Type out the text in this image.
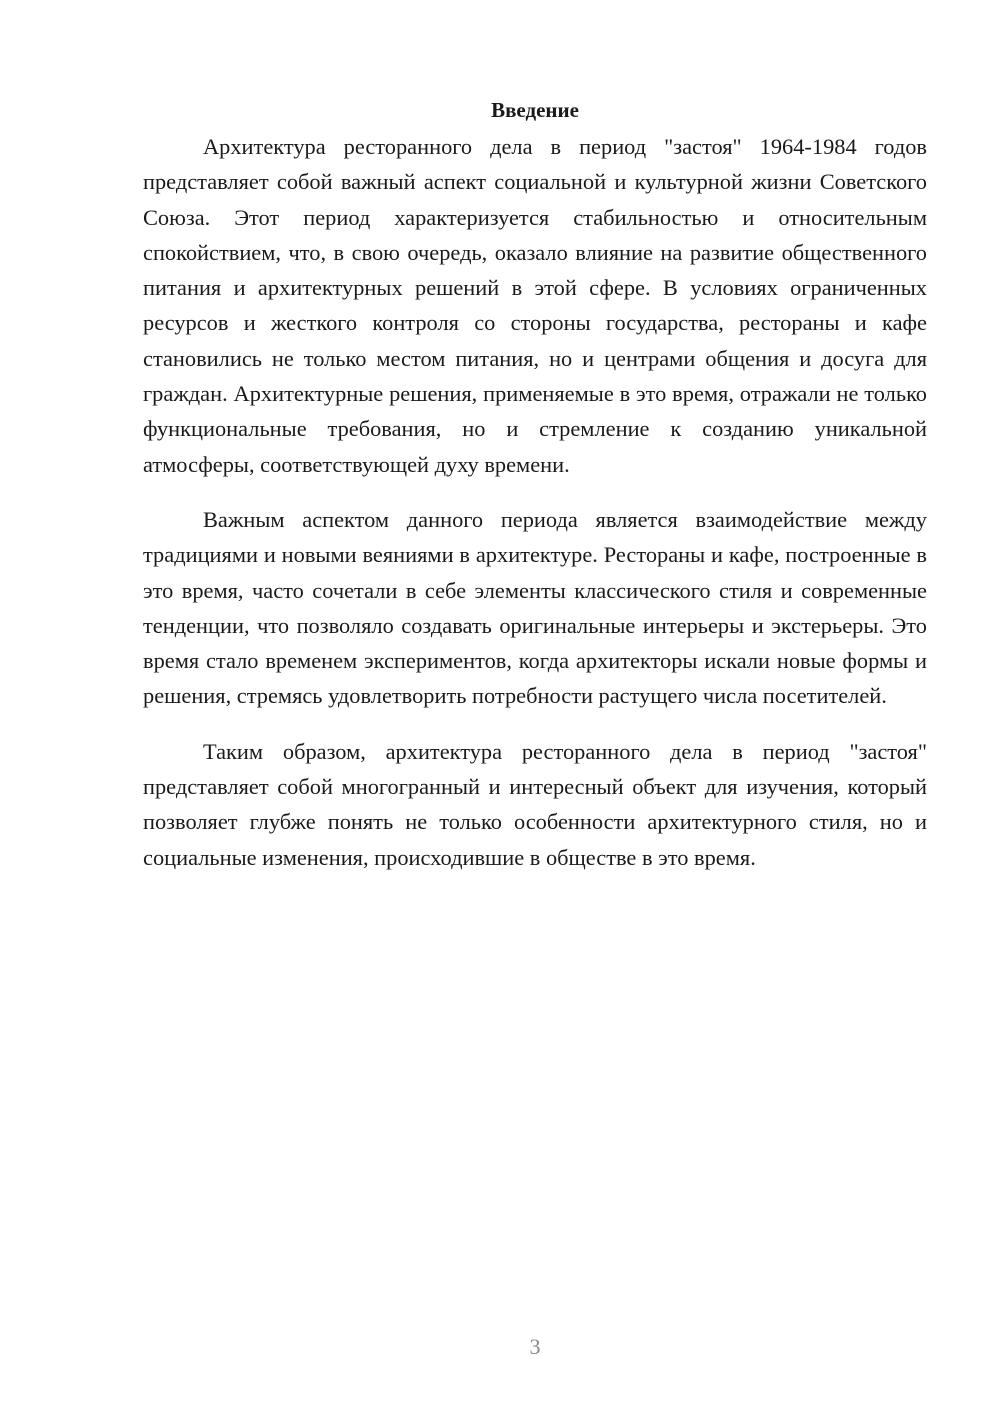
Введение

Архитектура ресторанного дела в период "застоя" 1964-1984 годов представляет собой важный аспект социальной и культурной жизни Советского Союза. Этот период характеризуется стабильностью и относительным спокойствием, что, в свою очередь, оказало влияние на развитие общественного питания и архитектурных решений в этой сфере. В условиях ограниченных ресурсов и жесткого контроля со стороны государства, рестораны и кафе становились не только местом питания, но и центрами общения и досуга для граждан. Архитектурные решения, применяемые в это время, отражали не только функциональные требования, но и стремление к созданию уникальной атмосферы, соответствующей духу времени.

Важным аспектом данного периода является взаимодействие между традициями и новыми веяниями в архитектуре. Рестораны и кафе, построенные в это время, часто сочетали в себе элементы классического стиля и современные тенденции, что позволяло создавать оригинальные интерьеры и экстерьеры. Это время стало временем экспериментов, когда архитекторы искали новые формы и решения, стремясь удовлетворить потребности растущего числа посетителей.

Таким образом, архитектура ресторанного дела в период "застоя" представляет собой многогранный и интересный объект для изучения, который позволяет глубже понять не только особенности архитектурного стиля, но и социальные изменения, происходившие в обществе в это время.

3
